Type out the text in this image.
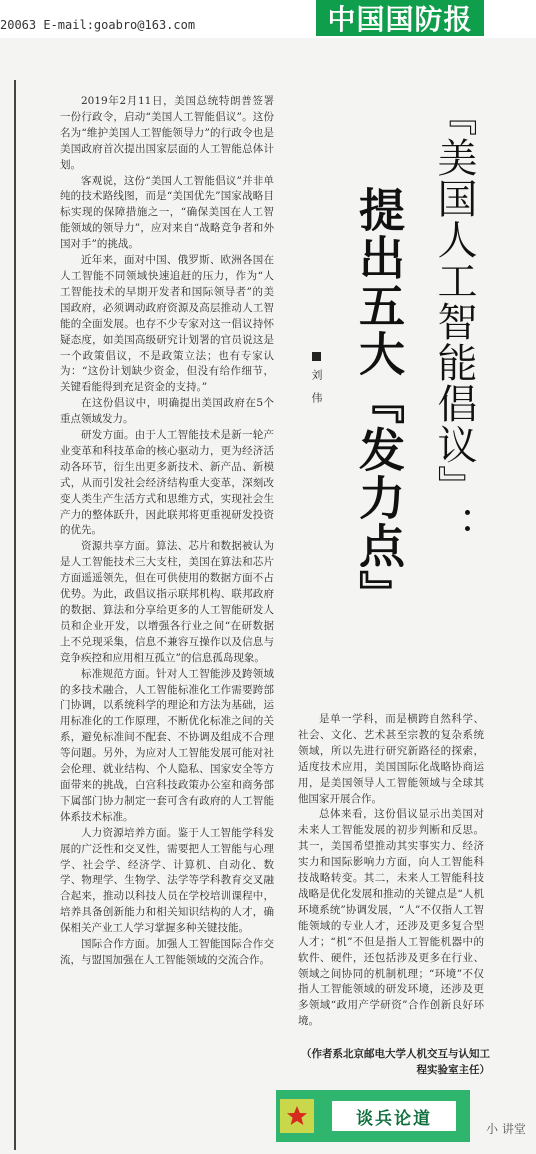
20063 E-mail:goabro@163.com	中国国防报

2019年2月11日，美国总统特朗普签署一份行政令，启动“美国人工智能倡议”。这份名为“维护美国人工智能领导力”的行政令也是美国政府首次提出国家层面的人工智能总体计划。

客观说，这份“美国人工智能倡议”并非单纯的技术路线图，而是“美国优先”国家战略目标实现的保障措施之一，“确保美国在人工智能领域的领导力”，应对来自“战略竞争者和外国对手”的挑战。

近年来，面对中国、俄罗斯、欧洲各国在人工智能不同领域快速追赶的压力，作为“人工智能技术的早期开发者和国际领导者”的美国政府，必须调动政府资源及高层推动人工智能的全面发展。也存不少专家对这一倡议持怀疑态度，如美国高级研究计划署的官员说这是一个政策倡议，不是政策立法；也有专家认为：“这份计划缺少资金，但没有给作细节，关键看能得到充足资金的支持。”

在这份倡议中，明确提出美国政府在5个重点领域发力。

研发方面。由于人工智能技术是新一轮产业变革和科技革命的核心驱动力，更为经济活动各环节，衍生出更多新技术、新产品、新模式，从而引发社会经济结构重大变革，深刻改变人类生产生活方式和思维方式，实现社会生产力的整体跃升，因此联邦将更重视研发投资的优先。

资源共享方面。算法、芯片和数据被认为是人工智能技术三大支柱，美国在算法和芯片方面遥遥领先，但在可供使用的数据方面不占优势。为此，政倡议指示联邦机构、联邦政府的数据、算法和分享给更多的人工智能研发人员和企业开发，以增强各行业之间“在研数据上不兑现采集，信息不兼容互操作以及信息与竞争疾控和应用相互孤立”的信息孤岛现象。

标准规范方面。针对人工智能涉及跨领域的多技术融合，人工智能标准化工作需要跨部门协调，以系统科学的理论和方法为基础，运用标准化的工作原理，不断优化标准之间的关系，避免标准间不配套、不协调及组成不合理等问题。另外，为应对人工智能发展可能对社会伦理、就业结构、个人隐私、国家安全等方面带来的挑战，白宫科技政策办公室和商务部下属部门协力制定一套可含有政府的人工智能体系技术标准。

人力资源培养方面。鉴于人工智能学科发展的广泛性和交叉性，需要把人工智能与心理学、社会学、经济学、计算机、自动化、数学、物理学、生物学、法学等学科教育交叉融合起来，推动以科技人员在学校培训课程中，培养具备创新能力和相关知识结构的人才，确保相关产业工人学习掌握多种关键技能。

国际合作方面。加强人工智能国际合作交流，与盟国加强在人工智能领域的交流合作。

『美国人工智能倡议』：
提出五大『发力点』
刘伟

是单一学科，而是横跨自然科学、社会、文化、艺术甚至宗教的复杂系统领域，所以先进行研究新路径的探索，适度技术应用，美国国际化战略协商运用，是美国领导人工智能领域与全球其他国家开展合作。

总体来看，这份倡议显示出美国对未来人工智能发展的初步判断和反思。其一，美国希望推动其实事实力、经济实力和国际影响力方面，向人工智能科技战略转变。其二，未来人工智能科技战略是优化发展和推动的关键点是“人机环境系统”协调发展，“人”不仅指人工智能领域的专业人才，还涉及更多复合型人才；“机”不但是指人工智能机器中的软件、硬件，还包括涉及更多在行业、领域之间协同的机制机理；“环境”不仅指人工智能领域的研发环境，还涉及更多领域“政用产学研资”合作创新良好环境。

（作者系北京邮电大学人机交互与认知工程实验室主任）
谈兵论道
小 讲堂
